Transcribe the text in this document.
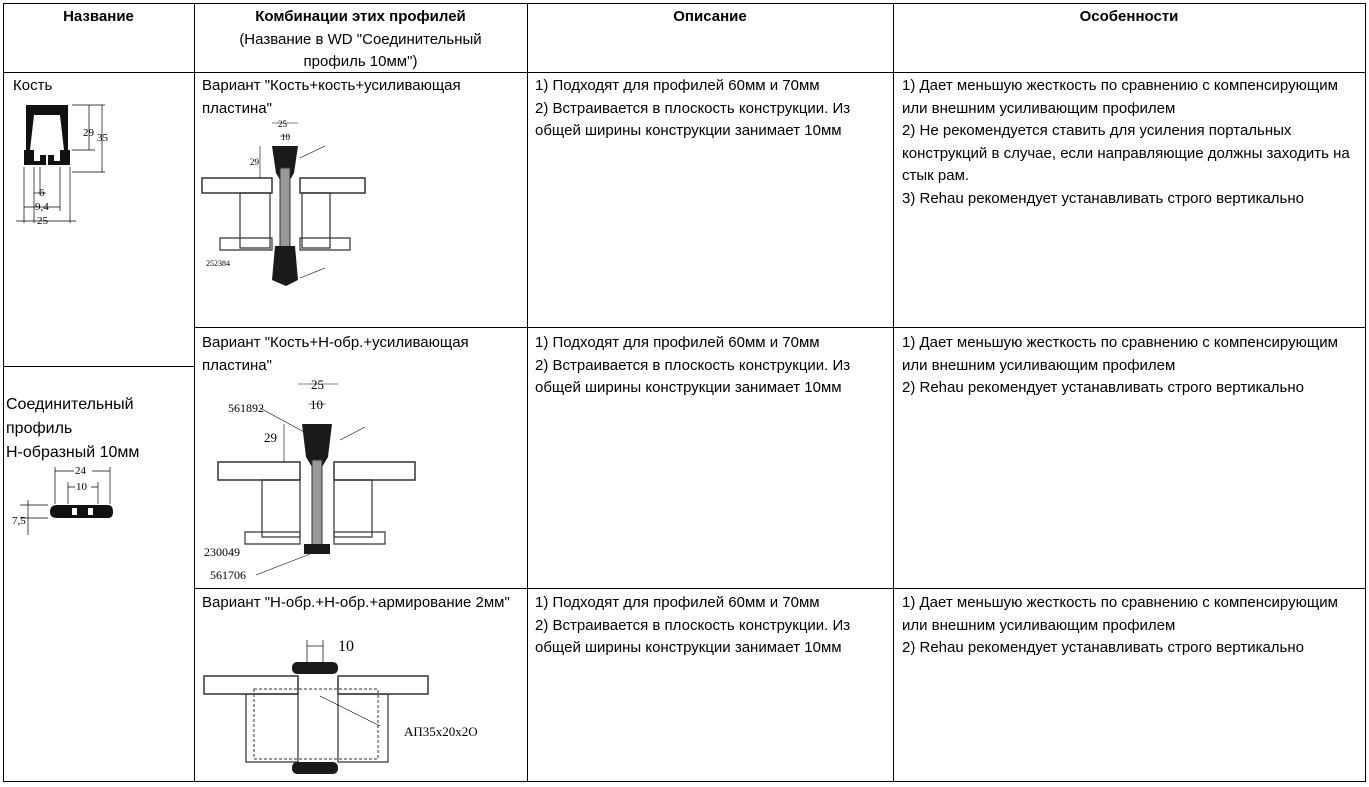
Название	Комбинации этих профилей
(Название в WD "Соединительный профиль 10мм")
Описание	Особенности
Кость
29 35
6
9,4
25
Соединительный
профиль
Н-образный 10мм
24
10
7,5
Вариант "Кость+кость+усиливающая пластина"
25
10
29
252384
1) Подходят для профилей 60мм и 70мм
2) Встраивается в плоскость конструкции. Из общей ширины конструкции занимает 10мм
1) Дает меньшую жесткость по сравнению с компенсирующим или внешним усиливающим профилем
2) Не рекомендуется ставить для усиления портальных конструкций в случае, если направляющие должны заходить на стык рам.
3) Rehau рекомендует устанавливать строго вертикально
Вариант "Кость+Н-обр.+усиливающая пластина"
25
10
29
561892
230049
561706
1) Подходят для профилей 60мм и 70мм
2) Встраивается в плоскость конструкции. Из общей ширины конструкции занимает 10мм
1) Дает меньшую жесткость по сравнению с компенсирующим или внешним усиливающим профилем
2) Rehau рекомендует устанавливать строго вертикально
Вариант "Н-обр.+Н-обр.+армирование 2мм"
10
АП35х20х2О
1) Подходят для профилей 60мм и 70мм
2) Встраивается в плоскость конструкции. Из общей ширины конструкции занимает 10мм
1) Дает меньшую жесткость по сравнению с компенсирующим или внешним усиливающим профилем
2) Rehau рекомендует устанавливать строго вертикально
